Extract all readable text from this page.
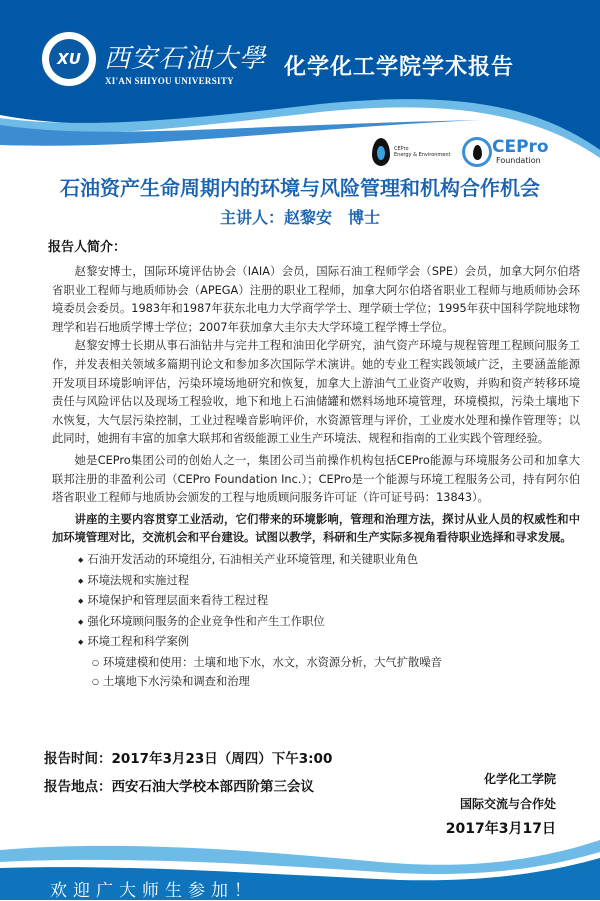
XU 西安石油大學
XI'AN SHIYOU UNIVERSITY
化学化工学院学术报告
CEPro
Energy & Environment CEPro
Foundation
石油资产生命周期内的环境与风险管理和机构合作机会
主讲人：赵黎安　博士
报告人简介：

赵黎安博士，国际环境评估协会（IAIA）会员，国际石油工程师学会（SPE）会员，加拿大阿尔伯塔省职业工程师与地质师协会（APEGA）注册的职业工程师，加拿大阿尔伯塔省职业工程师与地质师协会环境委员会委员。1983年和1987年获东北电力大学商学学士、理学硕士学位；1995年获中国科学院地球物理学和岩石地质学博士学位；2007年获加拿大圭尔夫大学环境工程学博士学位。

赵黎安博士长期从事石油钻井与完井工程和油田化学研究，油气资产环境与规程管理工程顾问服务工作，并发表相关领域多篇期刊论文和参加多次国际学术演讲。她的专业工程实践领域广泛，主要涵盖能源开发项目环境影响评估，污染环境场地研究和恢复，加拿大上游油气工业资产收购，并购和资产转移环境责任与风险评估以及现场工程验收，地下和地上石油储罐和燃料场地环境管理，环境模拟，污染土壤地下水恢复，大气层污染控制，工业过程噪音影响评价，水资源管理与评价，工业废水处理和操作管理等；以此同时，她拥有丰富的加拿大联邦和省级能源工业生产环境法、规程和指南的工业实践个管理经验。

她是CEPro集团公司的创始人之一，集团公司当前操作机构包括CEPro能源与环境服务公司和加拿大联邦注册的非盈利公司（CEPro Foundation Inc.）；CEPro是一个能源与环境工程服务公司，持有阿尔伯塔省职业工程师与地质协会颁发的工程与地质顾问服务许可证（许可证号码：13843）。

讲座的主要内容贯穿工业活动，它们带来的环境影响，管理和治理方法，探讨从业人员的权威性和中加环境管理对比，交流机会和平台建设。试图以教学，科研和生产实际多视角看待职业选择和寻求发展。

◆ 石油开发活动的环境组分, 石油相关产业环境管理, 和关键职业角色
◆ 环境法规和实施过程
◆ 环境保护和管理层面来看待工程过程
◆ 强化环境顾问服务的企业竞争性和产生工作职位
◆ 环境工程和科学案例
○ 环境建模和使用：土壤和地下水，水文，水资源分析，大气扩散噪音
○ 土壤地下水污染和调查和治理
报告时间：2017年3月23日（周四）下午3:00
报告地点：西安石油大学校本部西阶第三会议	化学化工学院
国际交流与合作处
2017年3月17日
欢迎广大师生参加！
